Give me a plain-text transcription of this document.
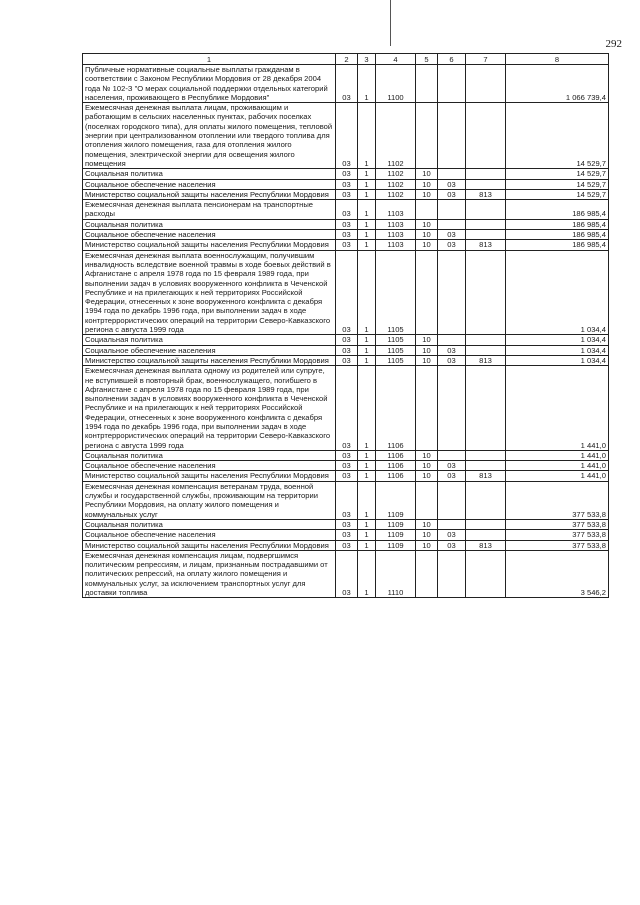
292
1	2	3	4	5	6	7	8
Публичные нормативные социальные выплаты гражданам в соответствии с Законом Республики Мордовия от 28 декабря 2004 года № 102-З "О мерах социальной поддержки отдельных категорий населения, проживающего в Республике Мордовия"	03	1	1100				1 066 739,4
Ежемесячная денежная выплата лицам, проживающим и работающим в сельских населенных пунктах, рабочих поселках (поселках городского типа), для оплаты жилого помещения, тепловой энергии при централизованном отоплении или твердого топлива для отопления жилого помещения, газа для отопления жилого помещения, электрической энергии для освещения жилого помещения	03	1	1102				14 529,7
Социальная политика	03	1	1102	10			14 529,7
Социальное обеспечение населения	03	1	1102	10	03		14 529,7
Министерство социальной защиты населения Республики Мордовия	03	1	1102	10	03	813	14 529,7
Ежемесячная денежная выплата пенсионерам на транспортные расходы	03	1	1103				186 985,4
Социальная политика	03	1	1103	10			186 985,4
Социальное обеспечение населения	03	1	1103	10	03		186 985,4
Министерство социальной защиты населения Республики Мордовия	03	1	1103	10	03	813	186 985,4
Ежемесячная денежная выплата военнослужащим, получившим инвалидность вследствие военной травмы в ходе боевых действий в Афганистане с апреля 1978 года по 15 февраля 1989 года, при выполнении задач в условиях вооруженного конфликта в Чеченской Республике и на прилегающих к ней территориях Российской Федерации, отнесенных к зоне вооруженного конфликта с декабря 1994 года по декабрь 1996 года, при выполнении задач в ходе контртеррористических операций на территории Северо-Кавказского региона с августа 1999 года	03	1	1105				1 034,4
Социальная политика	03	1	1105	10			1 034,4
Социальное обеспечение населения	03	1	1105	10	03		1 034,4
Министерство социальной защиты населения Республики Мордовия	03	1	1105	10	03	813	1 034,4
Ежемесячная денежная выплата одному из родителей или супруге, не вступившей в повторный брак, военнослужащего, погибшего в Афганистане с апреля 1978 года по 15 февраля 1989 года, при выполнении задач в условиях вооруженного конфликта в Чеченской Республике и на прилегающих к ней территориях Российской Федерации, отнесенных к зоне вооруженного конфликта с декабря 1994 года по декабрь 1996 года, при выполнении задач в ходе контртеррористических операций на территории Северо-Кавказского региона с августа 1999 года	03	1	1106				1 441,0
Социальная политика	03	1	1106	10			1 441,0
Социальное обеспечение населения	03	1	1106	10	03		1 441,0
Министерство социальной защиты населения Республики Мордовия	03	1	1106	10	03	813	1 441,0
Ежемесячная денежная компенсация ветеранам труда, военной службы и государственной службы, проживающим на территории Республики Мордовия, на оплату жилого помещения и коммунальных услуг	03	1	1109				377 533,8
Социальная политика	03	1	1109	10			377 533,8
Социальное обеспечение населения	03	1	1109	10	03		377 533,8
Министерство социальной защиты населения Республики Мордовия	03	1	1109	10	03	813	377 533,8
Ежемесячная денежная компенсация лицам, подвергшимся политическим репрессиям, и лицам, признанным пострадавшими от политических репрессий, на оплату жилого помещения и коммунальных услуг, за исключением транспортных услуг для доставки топлива	03	1	1110				3 546,2
